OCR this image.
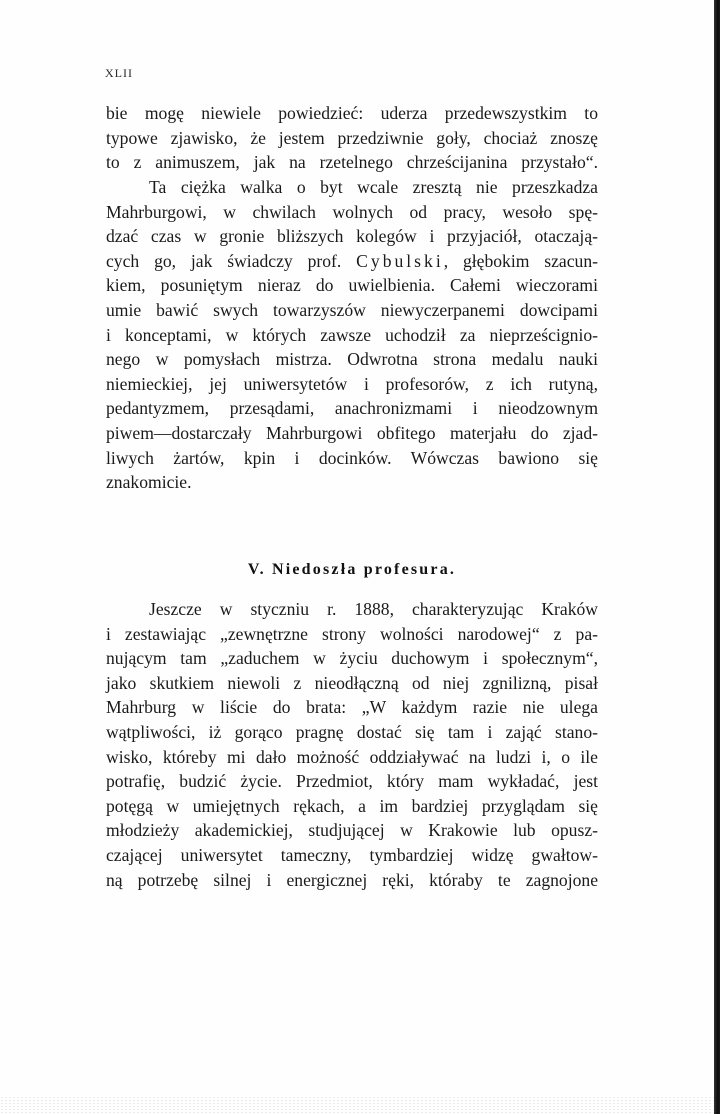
XLII
bie mogę niewiele powiedzieć: uderza przedewszystkim to
typowe zjawisko, że jestem przedziwnie goły, chociaż znoszę
to z animuszem, jak na rzetelnego chrześcijanina przystało“.
Ta ciężka walka o byt wcale zresztą nie przeszkadza
Mahrburgowi, w chwilach wolnych od pracy, wesoło spę-
dzać czas w gronie bliższych kolegów i przyjaciół, otaczają-
cych go, jak świadczy prof. Cybulski, głębokim szacun-
kiem, posuniętym nieraz do uwielbienia. Całemi wieczorami
umie bawić swych towarzyszów niewyczerpanemi dowcipami
i konceptami, w których zawsze uchodził za nieprześcignio-
nego w pomysłach mistrza. Odwrotna strona medalu nauki
niemieckiej, jej uniwersytetów i profesorów, z ich rutyną,
pedantyzmem, przesądami, anachronizmami i nieodzownym
piwem—dostarczały Mahrburgowi obfitego materjału do zjad-
liwych żartów, kpin i docinków. Wówczas bawiono się
znakomicie.
V. Niedoszła profesura.
Jeszcze w styczniu r. 1888, charakteryzując Kraków
i zestawiając „zewnętrzne strony wolności narodowej“ z pa-
nującym tam „zaduchem w życiu duchowym i społecznym“,
jako skutkiem niewoli z nieodłączną od niej zgnilizną, pisał
Mahrburg w liście do brata: „W każdym razie nie ulega
wątpliwości, iż gorąco pragnę dostać się tam i zająć stano-
wisko, któreby mi dało możność oddziaływać na ludzi i, o ile
potrafię, budzić życie. Przedmiot, który mam wykładać, jest
potęgą w umiejętnych rękach, a im bardziej przyglądam się
młodzieży akademickiej, studjującej w Krakowie lub opusz-
czającej uniwersytet tameczny, tymbardziej widzę gwałtow-
ną potrzebę silnej i energicznej ręki, któraby te zagnojone
